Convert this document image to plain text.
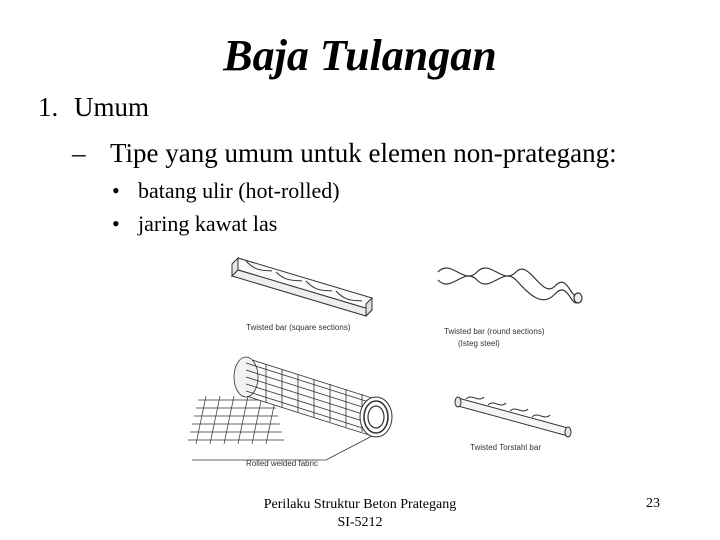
Baja Tulangan
1. Umum
– Tipe yang umum untuk elemen non-prategang:
• batang ulir (hot-rolled)
• jaring kawat las
Twisted bar (square sections)	Twisted bar (round sections)
(Isteg steel)
Rolled welded fabric
Twisted Torstahl bar
Perilaku Struktur Beton Prategang
SI-5212
23
